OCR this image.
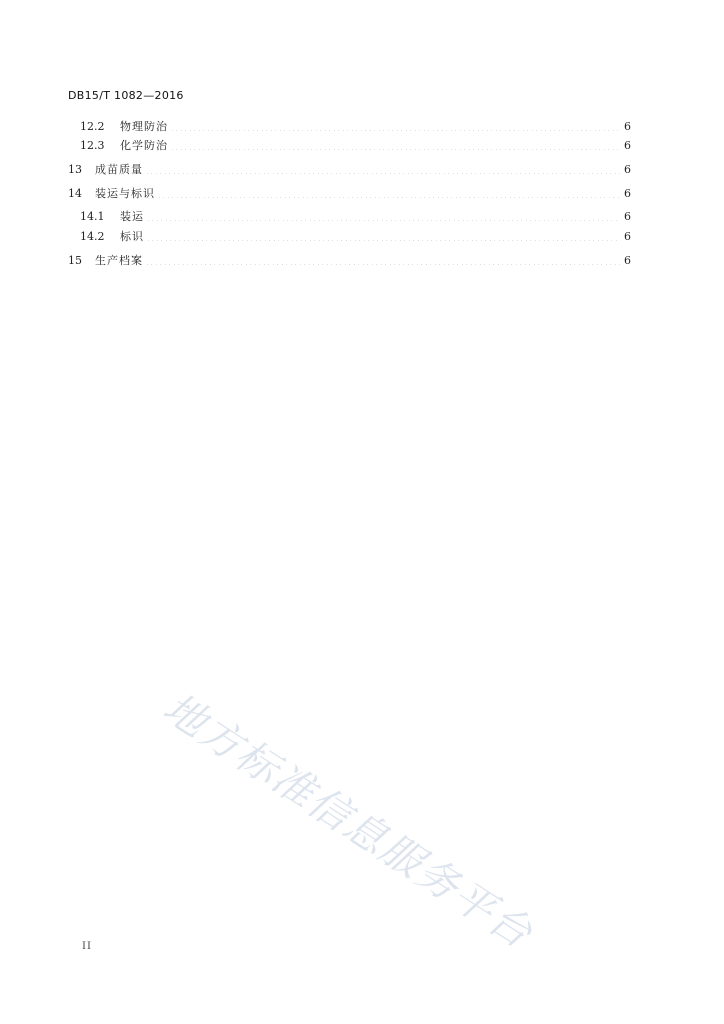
DB15/T 1082—2016
12.2	物理防治	6
12.3	化学防治	6
13	成苗质量	6
14	装运与标识	6
14.1	装运	6
14.2	标识	6
15	生产档案	6
地方标准信息服务平台
II
